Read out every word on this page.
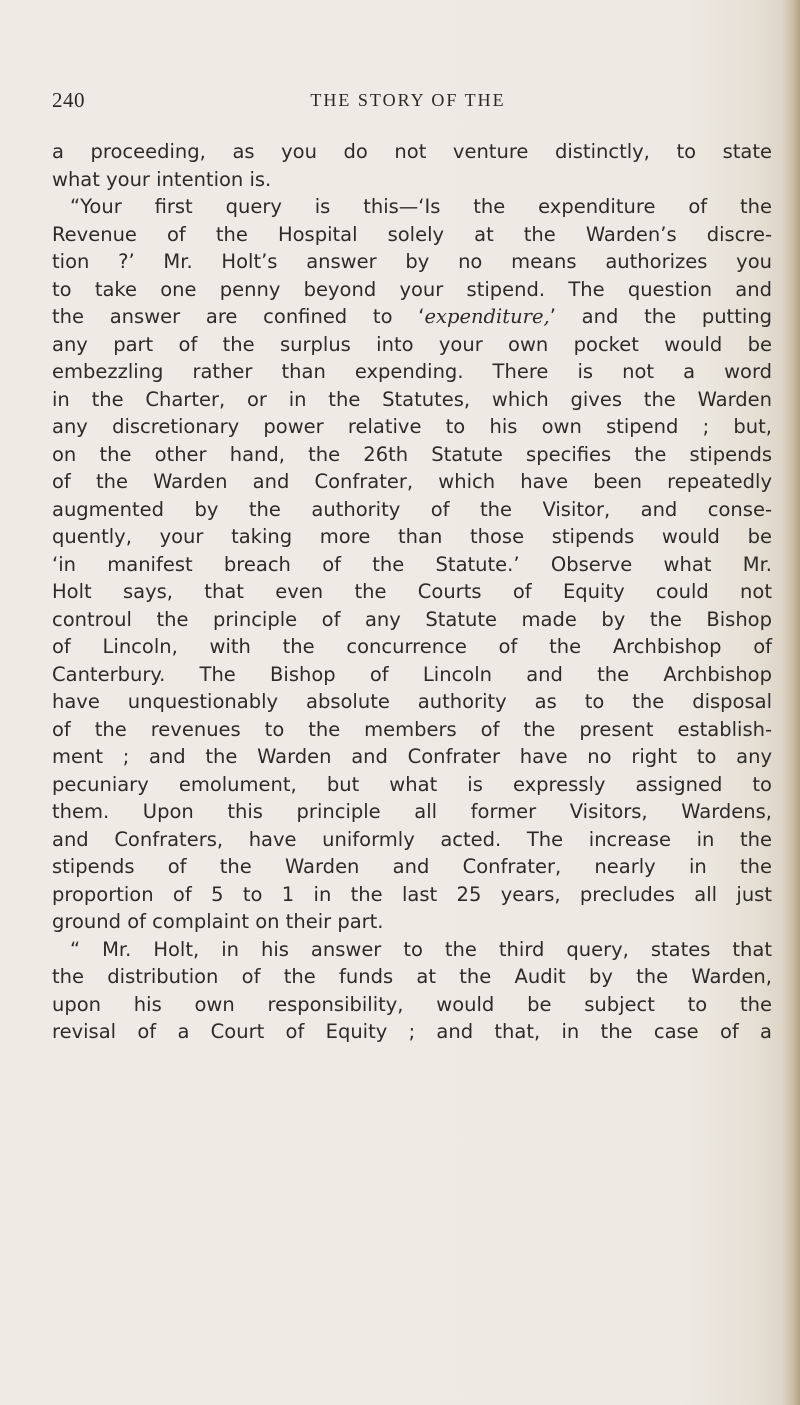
240	THE STORY OF THE
a proceeding, as you do not venture distinctly, to state
what your intention is.
“Your first query is this—‘Is the expenditure of the
Revenue of the Hospital solely at the Warden’s discre-
tion ?’ Mr. Holt’s answer by no means authorizes you
to take one penny beyond your stipend. The question and
the answer are confined to ‘expenditure,’ and the putting
any part of the surplus into your own pocket would be
embezzling rather than expending. There is not a word
in the Charter, or in the Statutes, which gives the Warden
any discretionary power relative to his own stipend ; but,
on the other hand, the 26th Statute specifies the stipends
of the Warden and Confrater, which have been repeatedly
augmented by the authority of the Visitor, and conse-
quently, your taking more than those stipends would be
‘in manifest breach of the Statute.’ Observe what Mr.
Holt says, that even the Courts of Equity could not
controul the principle of any Statute made by the Bishop
of Lincoln, with the concurrence of the Archbishop of
Canterbury. The Bishop of Lincoln and the Archbishop
have unquestionably absolute authority as to the disposal
of the revenues to the members of the present establish-
ment ; and the Warden and Confrater have no right to any
pecuniary emolument, but what is expressly assigned to
them. Upon this principle all former Visitors, Wardens,
and Confraters, have uniformly acted. The increase in the
stipends of the Warden and Confrater, nearly in the
proportion of 5 to 1 in the last 25 years, precludes all just
ground of complaint on their part.
“ Mr. Holt, in his answer to the third query, states that
the distribution of the funds at the Audit by the Warden,
upon his own responsibility, would be subject to the
revisal of a Court of Equity ; and that, in the case of a
